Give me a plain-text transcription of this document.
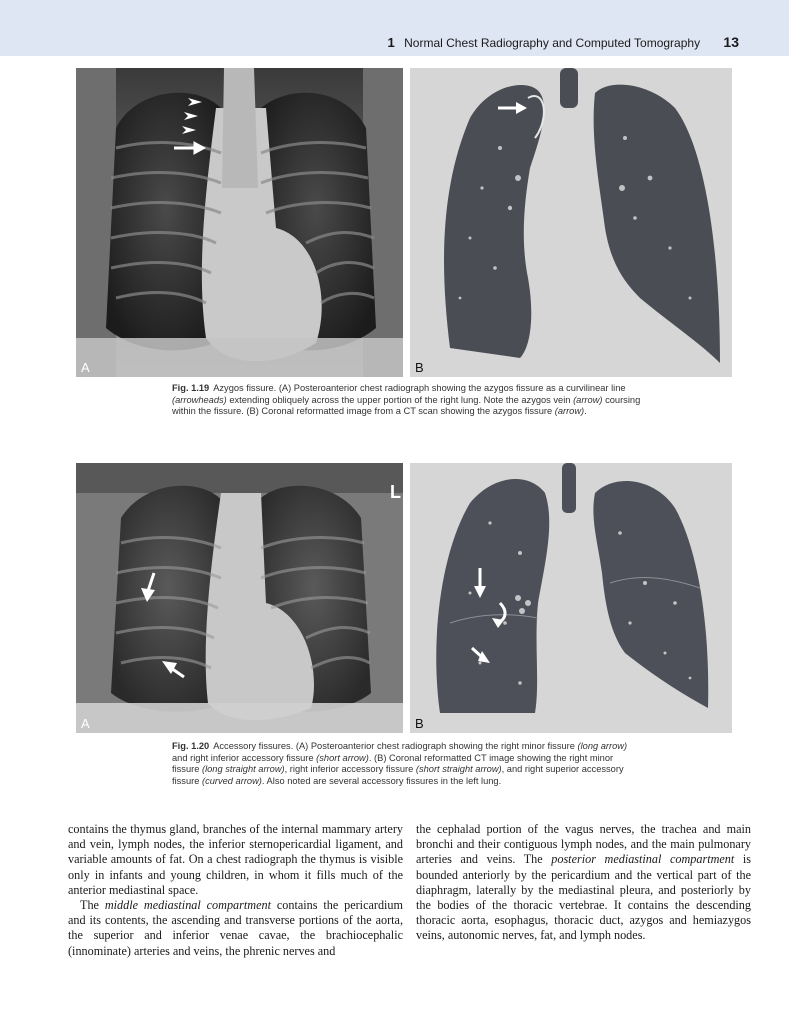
1 Normal Chest Radiography and Computed Tomography 13
A	B
Fig. 1.19 Azygos fissure. (A) Posteroanterior chest radiograph showing the azygos fissure as a curvilinear line (arrowheads) extending obliquely across the upper portion of the right lung. Note the azygos vein (arrow) coursing within the fissure. (B) Coronal reformatted image from a CT scan showing the azygos fissure (arrow).
L
A	B
Fig. 1.20 Accessory fissures. (A) Posteroanterior chest radiograph showing the right minor fissure (long arrow) and right inferior accessory fissure (short arrow). (B) Coronal reformatted CT image showing the right minor fissure (long straight arrow), right inferior accessory fissure (short straight arrow), and right superior accessory fissure (curved arrow). Also noted are several accessory fissures in the left lung.

contains the thymus gland, branches of the internal mammary artery and vein, lymph nodes, the inferior sternopericardial ligament, and variable amounts of fat. On a chest radiograph the thymus is visible only in infants and young children, in whom it fills much of the anterior mediastinal space.

The middle mediastinal compartment contains the pericardium and its contents, the ascending and transverse portions of the aorta, the superior and inferior venae cavae, the brachiocephalic (innominate) arteries and veins, the phrenic nerves and

the cephalad portion of the vagus nerves, the trachea and main bronchi and their contiguous lymph nodes, and the main pulmonary arteries and veins. The posterior mediastinal compartment is bounded anteriorly by the pericardium and the vertical part of the diaphragm, laterally by the mediastinal pleura, and posteriorly by the bodies of the thoracic vertebrae. It contains the descending thoracic aorta, esophagus, thoracic duct, azygos and hemiazygos veins, autonomic nerves, fat, and lymph nodes.
